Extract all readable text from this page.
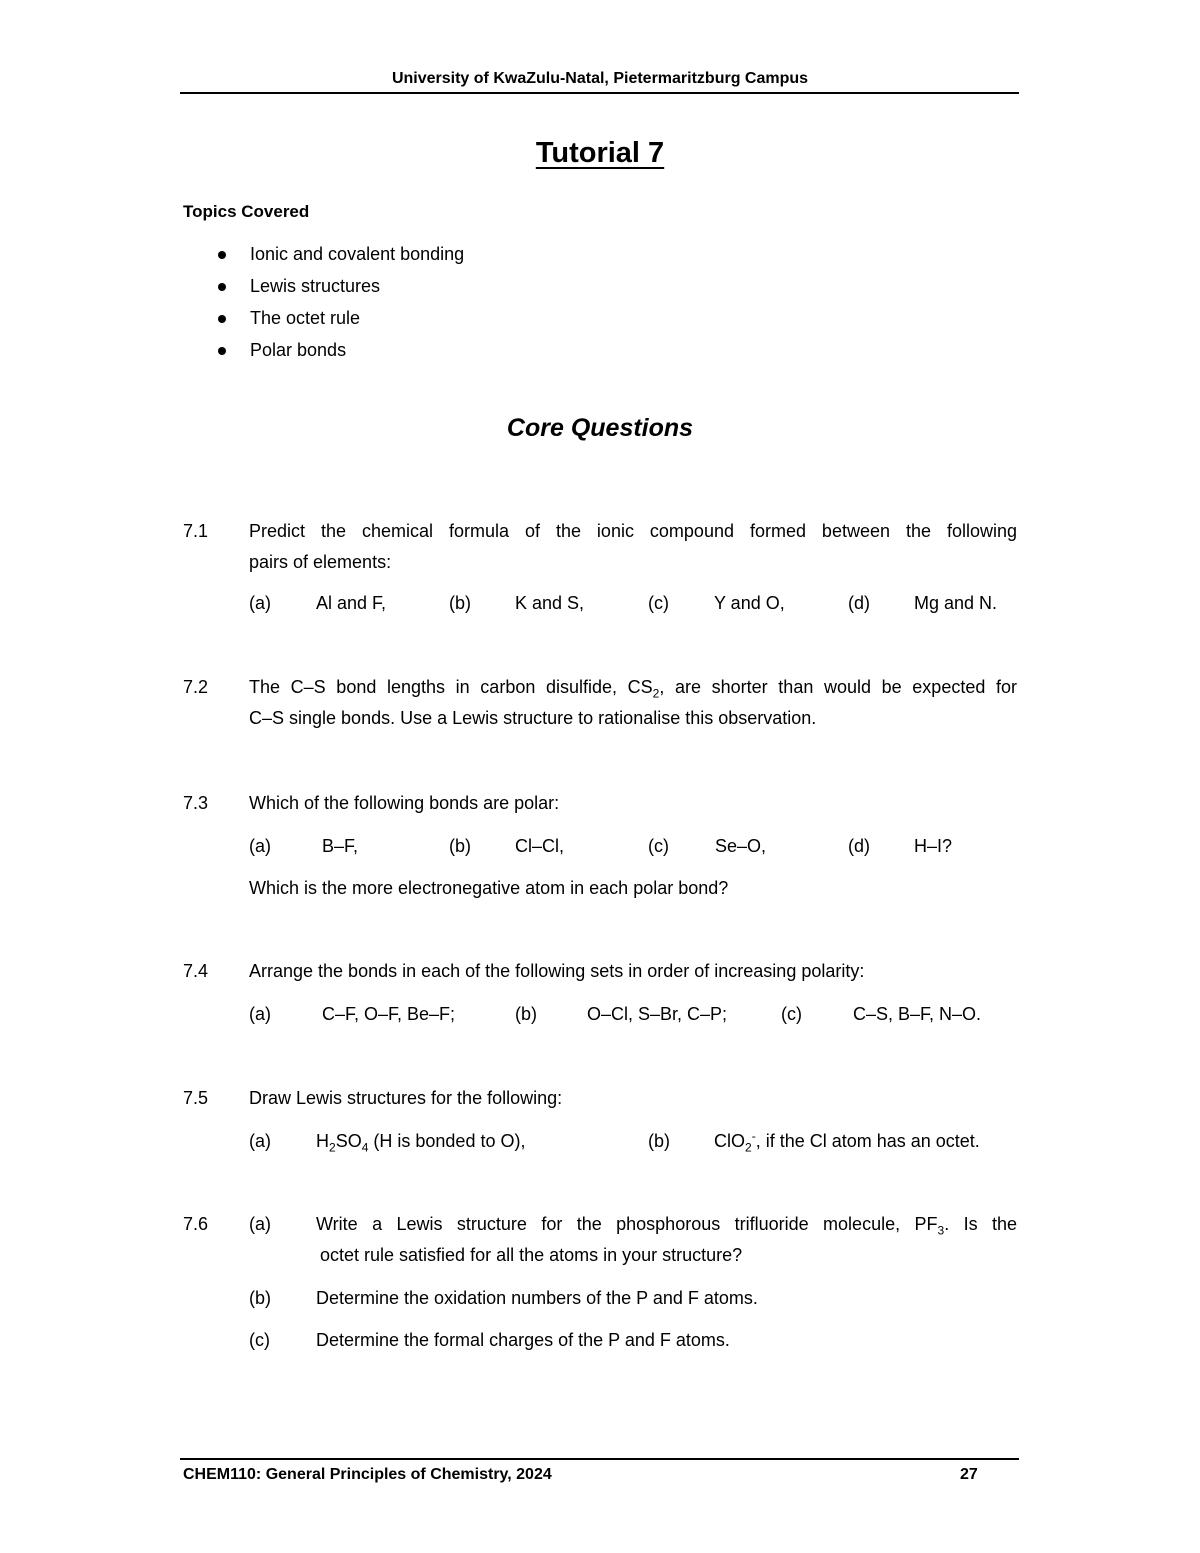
University of KwaZulu-Natal, Pietermaritzburg Campus
Tutorial 7
Topics Covered
Ionic and covalent bonding
Lewis structures
The octet rule
Polar bonds
Core Questions
7.1 Predict the chemical formula of the ionic compound formed between the following
pairs of elements:
(a)	Al and F,	(b) K and S,	(c)	Y and O,	(d) Mg and N.
7.2 The C–S bond lengths in carbon disulfide, $CS_2$, are shorter than would be expected for
C–S single bonds. Use a Lewis structure to rationalise this observation.
7.3 Which of the following bonds are polar:
(a)	B–F,	(b) Cl–Cl,	(c)	Se–O,	(d) H–I?
Which is the more electronegative atom in each polar bond?
7.4 Arrange the bonds in each of the following sets in order of increasing polarity:
(a)	C–F, O–F, Be–F;	(b)	O–Cl, S–Br, C–P;	(c)	C–S, B–F, N–O.
7.5 Draw Lewis structures for the following:
(a)	$H_2SO_4$ (H is bonded to O),	(b) ClO$_2$-, if the Cl atom has an octet.
7.6 (a)	Write a Lewis structure for the phosphorous trifluoride molecule, $PF_3$. Is the
octet rule satisfied for all the atoms in your structure?
(b)	Determine the oxidation numbers of the P and F atoms.
(c)	Determine the formal charges of the P and F atoms.
CHEM110: General Principles of Chemistry, 2024	27
